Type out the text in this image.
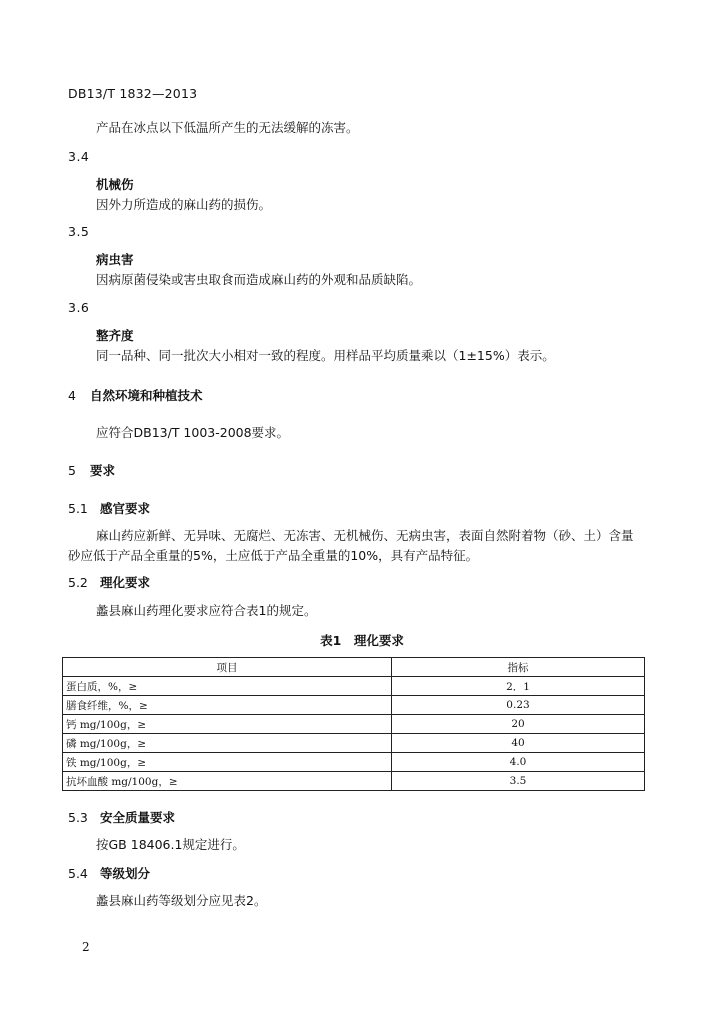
DB13/T 1832—2013
产品在冰点以下低温所产生的无法缓解的冻害。
3.4
机械伤
因外力所造成的麻山药的损伤。
3.5
病虫害
因病原菌侵染或害虫取食而造成麻山药的外观和品质缺陷。
3.6
整齐度
同一品种、同一批次大小相对一致的程度。用样品平均质量乘以（1±15%）表示。
4 自然环境和种植技术
应符合DB13/T 1003-2008要求。
5 要求
5.1 感官要求
麻山药应新鲜、无异味、无腐烂、无冻害、无机械伤、无病虫害，表面自然附着物（砂、土）含量
砂应低于产品全重量的5%，土应低于产品全重量的10%，具有产品特征。
5.2 理化要求
蠡县麻山药理化要求应符合表1的规定。
表1　理化要求
项目	指标
蛋白质，%，≥	2．1
膳食纤维，%，≥	0.23
钙 mg/100g，≥	20
磷 mg/100g，≥	40
铁 mg/100g，≥	4.0
抗坏血酸 mg/100g，≥	3.5
5.3 安全质量要求
按GB 18406.1规定进行。
5.4 等级划分
蠡县麻山药等级划分应见表2。
2
